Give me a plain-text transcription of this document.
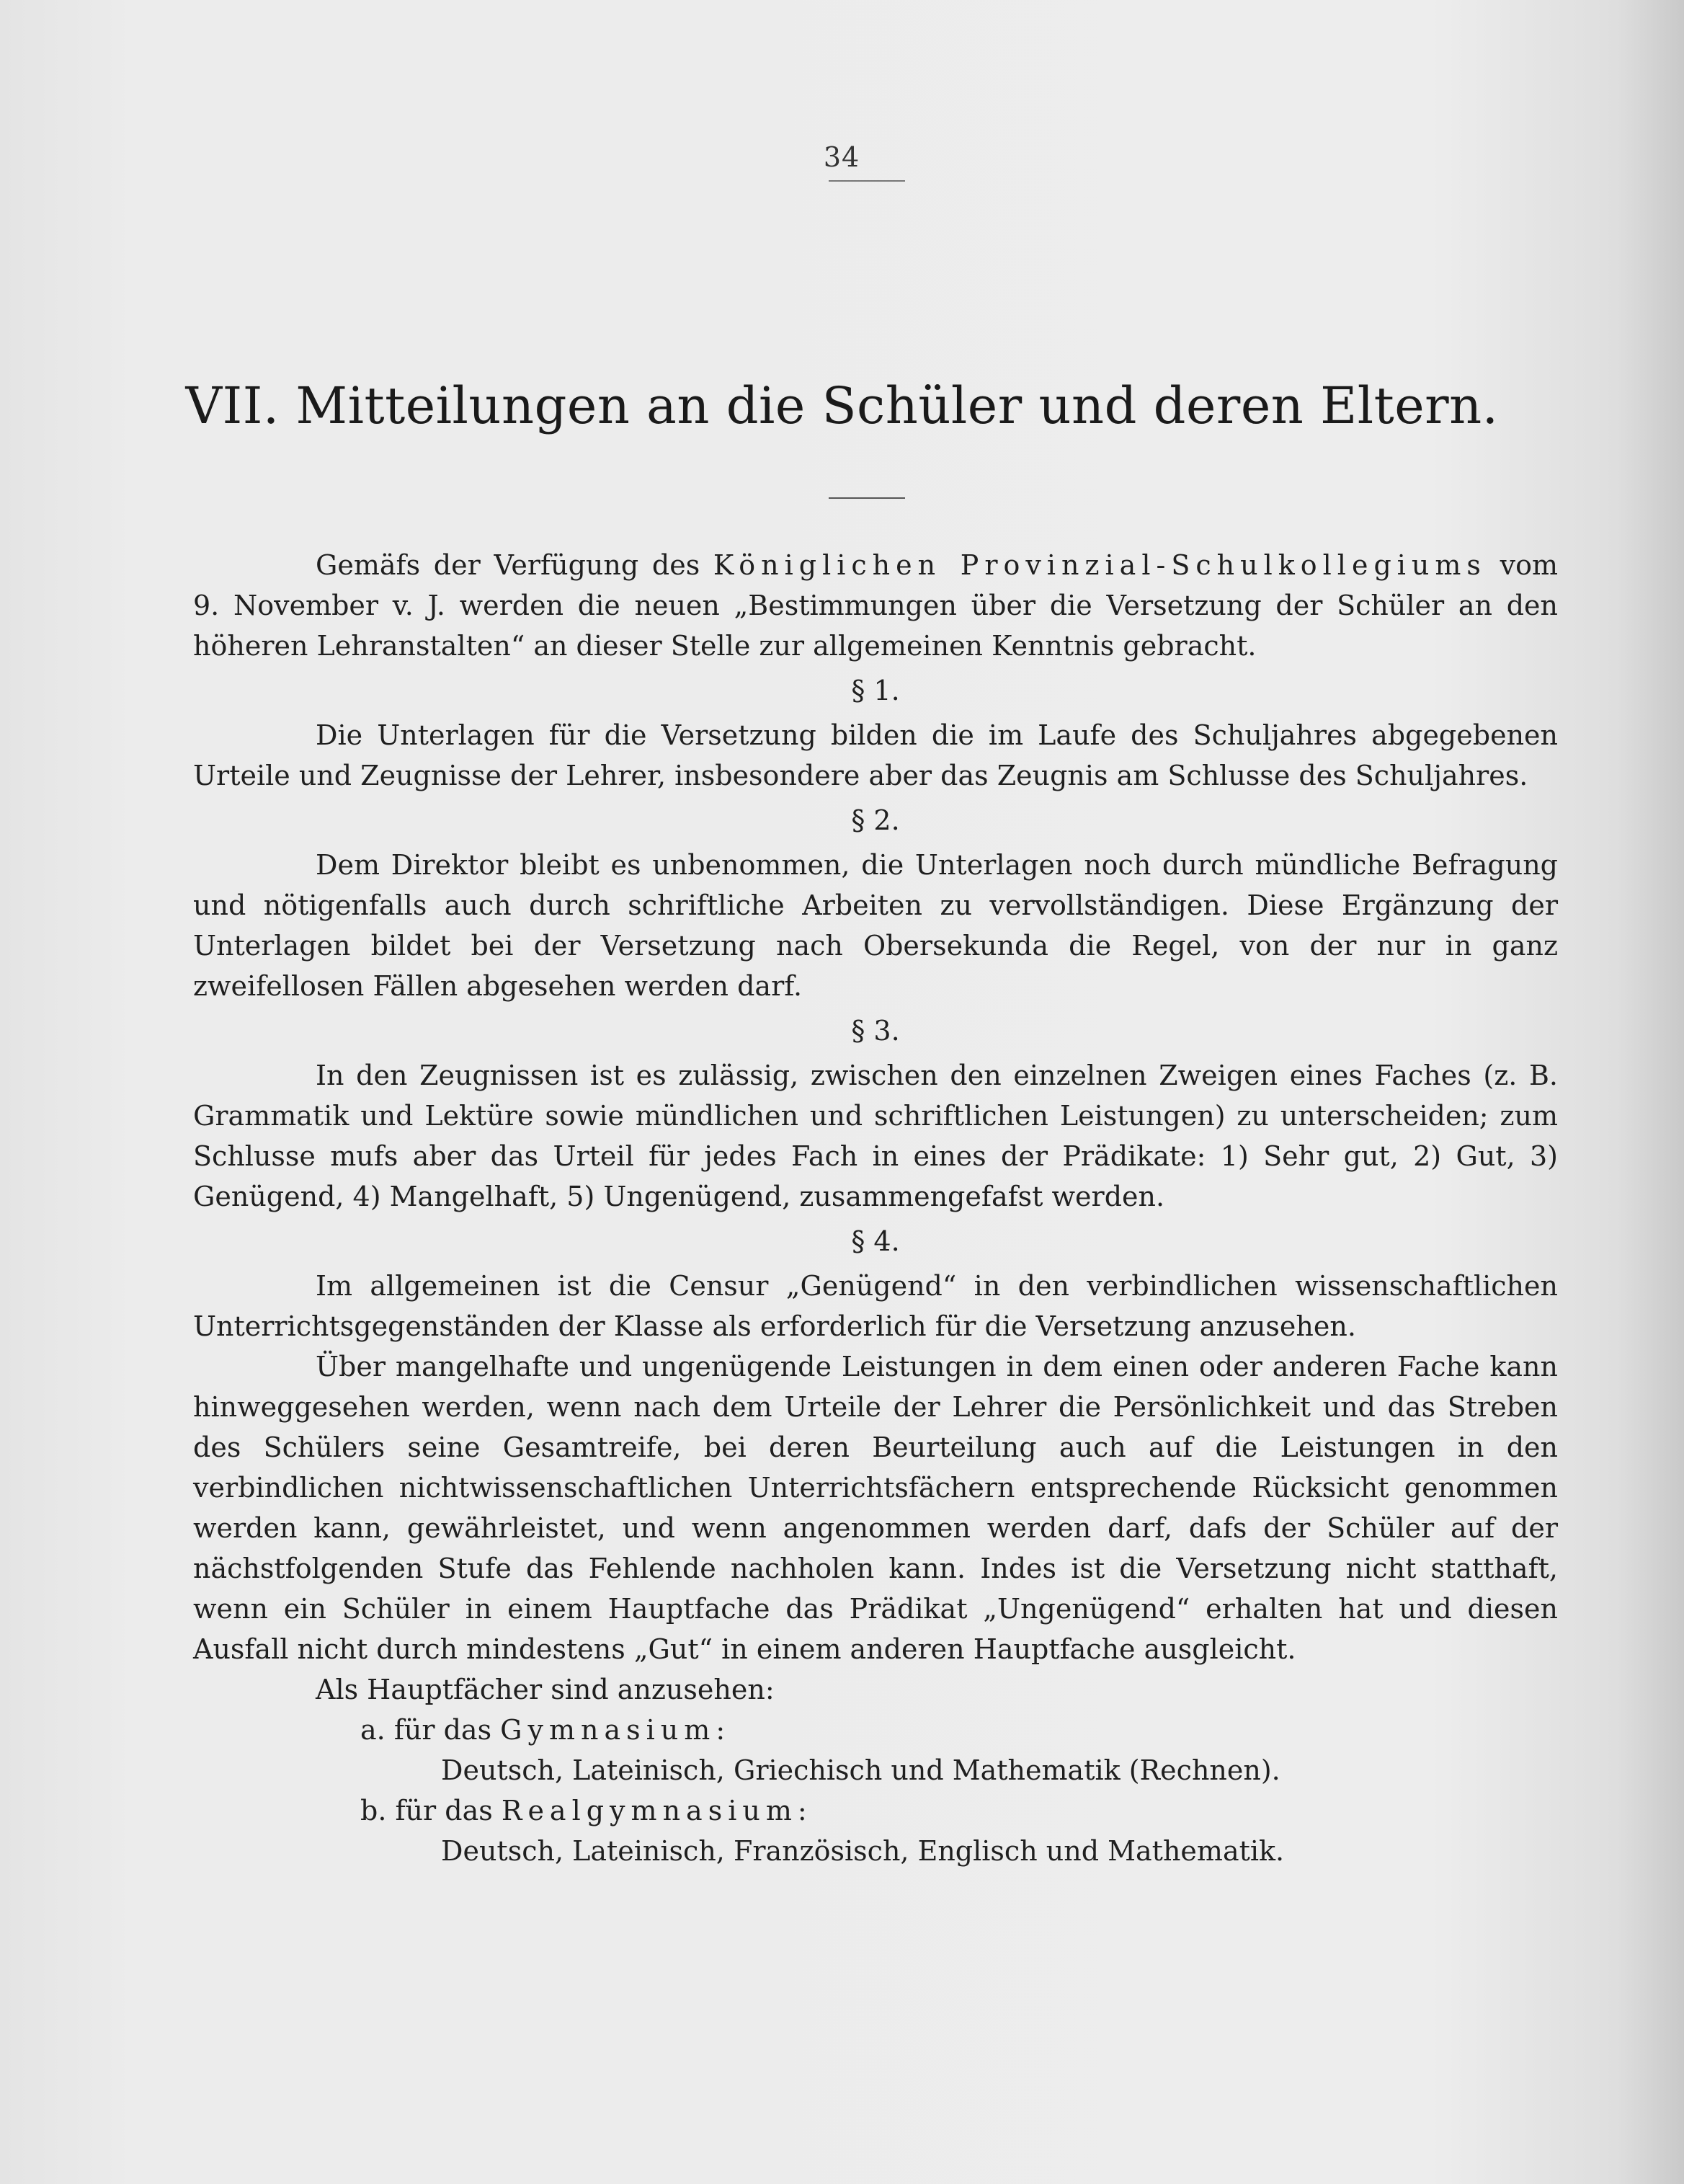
34
VII. Mitteilungen an die Schüler und deren Eltern.

Gemäfs der Verfügung des Königlichen Provinzial-Schulkollegiums vom 9. November v. J. werden die neuen „Bestimmungen über die Versetzung der Schüler an den höheren Lehranstalten“ an dieser Stelle zur allgemeinen Kenntnis gebracht.

§ 1.

Die Unterlagen für die Versetzung bilden die im Laufe des Schuljahres abgegebenen Urteile und Zeugnisse der Lehrer, insbesondere aber das Zeugnis am Schlusse des Schuljahres.

§ 2.

Dem Direktor bleibt es unbenommen, die Unterlagen noch durch mündliche Befragung und nötigenfalls auch durch schriftliche Arbeiten zu vervollständigen. Diese Ergänzung der Unterlagen bildet bei der Versetzung nach Obersekunda die Regel, von der nur in ganz zweifellosen Fällen abgesehen werden darf.

§ 3.

In den Zeugnissen ist es zulässig, zwischen den einzelnen Zweigen eines Faches (z. B. Grammatik und Lektüre sowie mündlichen und schriftlichen Leistungen) zu unterscheiden; zum Schlusse mufs aber das Urteil für jedes Fach in eines der Prädikate: 1) Sehr gut, 2) Gut, 3) Genügend, 4) Mangelhaft, 5) Ungenügend, zusammengefafst werden.

§ 4.

Im allgemeinen ist die Censur „Genügend“ in den verbindlichen wissenschaftlichen Unterrichtsgegenständen der Klasse als erforderlich für die Versetzung anzusehen.

Über mangelhafte und ungenügende Leistungen in dem einen oder anderen Fache kann hinweggesehen werden, wenn nach dem Urteile der Lehrer die Persönlichkeit und das Streben des Schülers seine Gesamtreife, bei deren Beurteilung auch auf die Leistungen in den verbindlichen nichtwissenschaftlichen Unterrichtsfächern entsprechende Rücksicht genommen werden kann, gewährleistet, und wenn angenommen werden darf, dafs der Schüler auf der nächstfolgenden Stufe das Fehlende nachholen kann. Indes ist die Versetzung nicht statthaft, wenn ein Schüler in einem Hauptfache das Prädikat „Ungenügend“ erhalten hat und diesen Ausfall nicht durch mindestens „Gut“ in einem anderen Hauptfache ausgleicht.

Als Hauptfächer sind anzusehen:
a. für das Gymnasium:
Deutsch, Lateinisch, Griechisch und Mathematik (Rechnen).
b. für das Realgymnasium:
Deutsch, Lateinisch, Französisch, Englisch und Mathematik.
